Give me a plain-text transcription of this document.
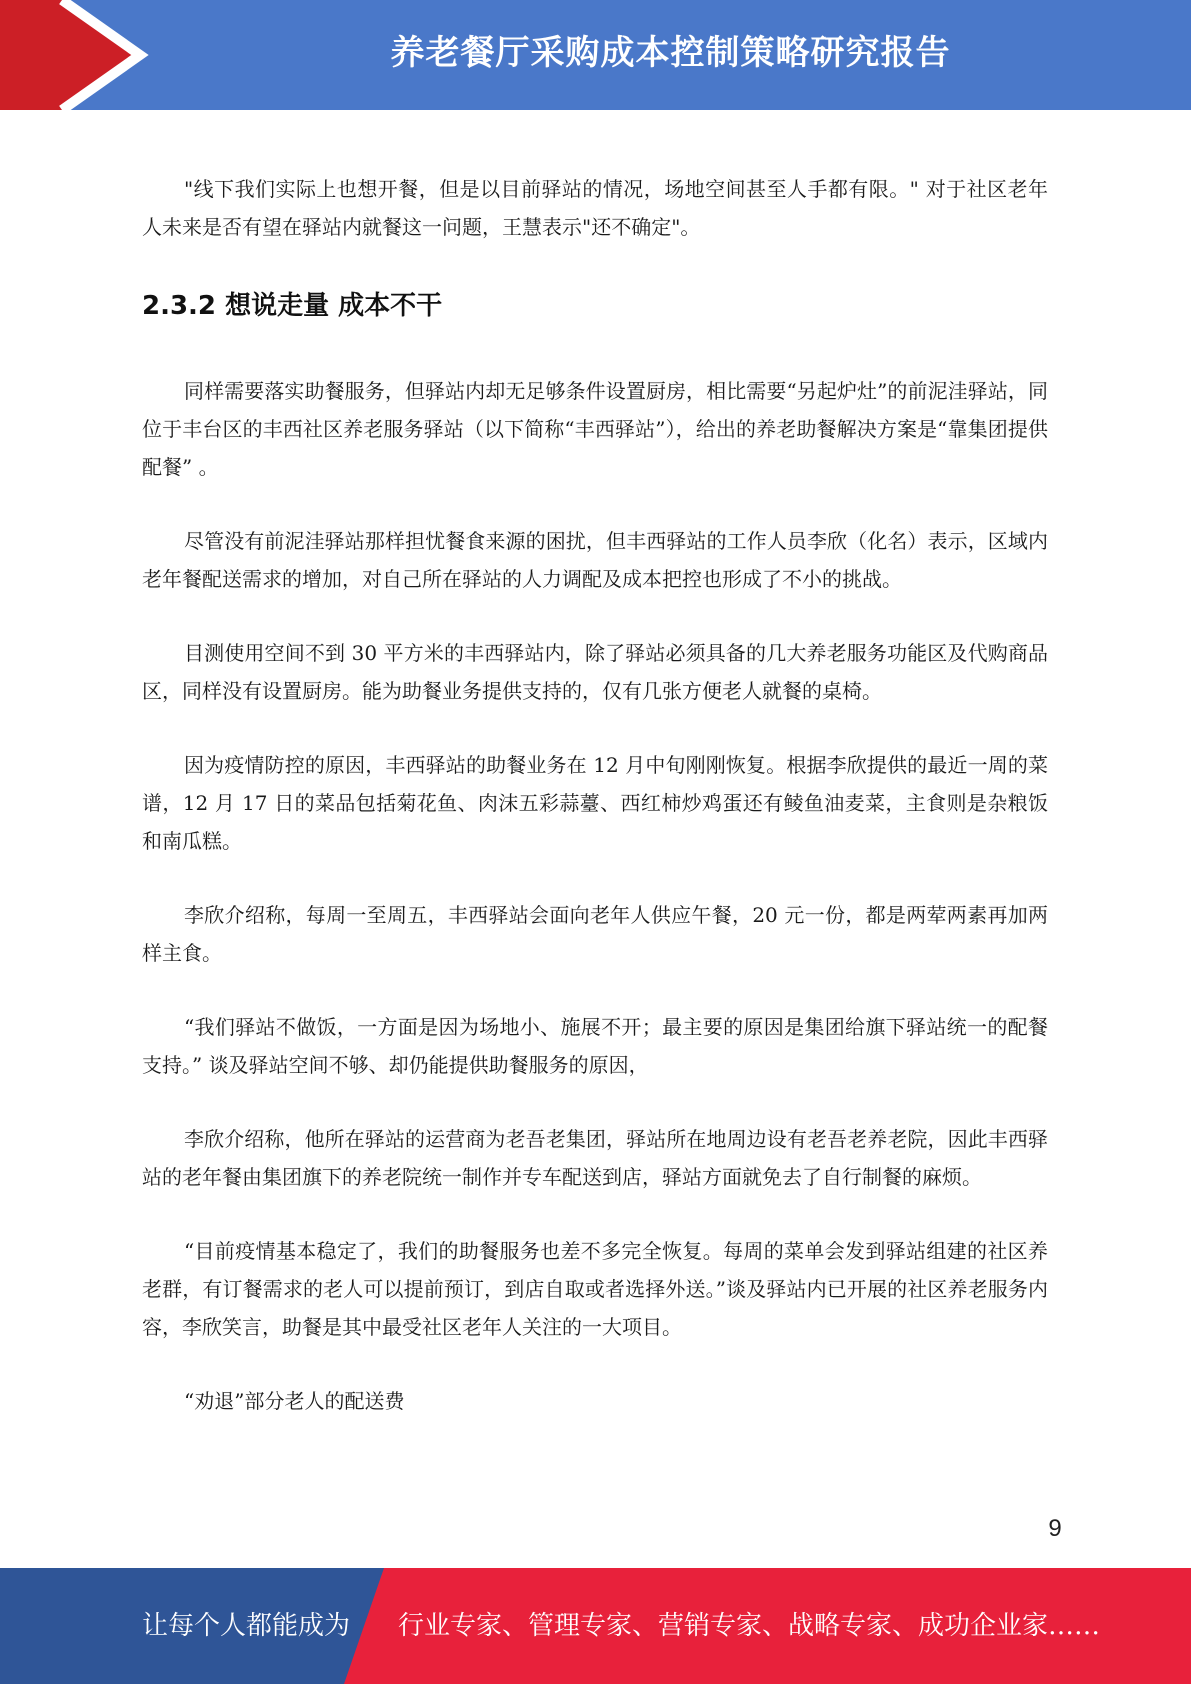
养老餐厅采购成本控制策略研究报告

"线下我们实际上也想开餐，但是以目前驿站的情况，场地空间甚至人手都有限。" 对于社区老年人未来是否有望在驿站内就餐这一问题，王慧表示"还不确定"。

2.3.2 想说走量 成本不干

同样需要落实助餐服务，但驿站内却无足够条件设置厨房，相比需要“另起炉灶”的前泥洼驿站，同位于丰台区的丰西社区养老服务驿站（以下简称“丰西驿站”），给出的养老助餐解决方案是“靠集团提供配餐” 。

尽管没有前泥洼驿站那样担忧餐食来源的困扰，但丰西驿站的工作人员李欣（化名）表示，区域内老年餐配送需求的增加，对自己所在驿站的人力调配及成本把控也形成了不小的挑战。

目测使用空间不到 30 平方米的丰西驿站内，除了驿站必须具备的几大养老服务功能区及代购商品区，同样没有设置厨房。能为助餐业务提供支持的，仅有几张方便老人就餐的桌椅。

因为疫情防控的原因，丰西驿站的助餐业务在 12 月中旬刚刚恢复。根据李欣提供的最近一周的菜谱，12 月 17 日的菜品包括菊花鱼、肉沫五彩蒜薹、西红柿炒鸡蛋还有鲮鱼油麦菜，主食则是杂粮饭和南瓜糕。

李欣介绍称，每周一至周五，丰西驿站会面向老年人供应午餐，20 元一份，都是两荤两素再加两样主食。

“我们驿站不做饭，一方面是因为场地小、施展不开；最主要的原因是集团给旗下驿站统一的配餐支持。” 谈及驿站空间不够、却仍能提供助餐服务的原因，

李欣介绍称，他所在驿站的运营商为老吾老集团，驿站所在地周边设有老吾老养老院，因此丰西驿站的老年餐由集团旗下的养老院统一制作并专车配送到店，驿站方面就免去了自行制餐的麻烦。

“目前疫情基本稳定了，我们的助餐服务也差不多完全恢复。每周的菜单会发到驿站组建的社区养老群，有订餐需求的老人可以提前预订，到店自取或者选择外送。”谈及驿站内已开展的社区养老服务内容，李欣笑言，助餐是其中最受社区老年人关注的一大项目。

“劝退”部分老人的配送费

9
让每个人都能成为 行业专家、管理专家、营销专家、战略专家、成功企业家……
